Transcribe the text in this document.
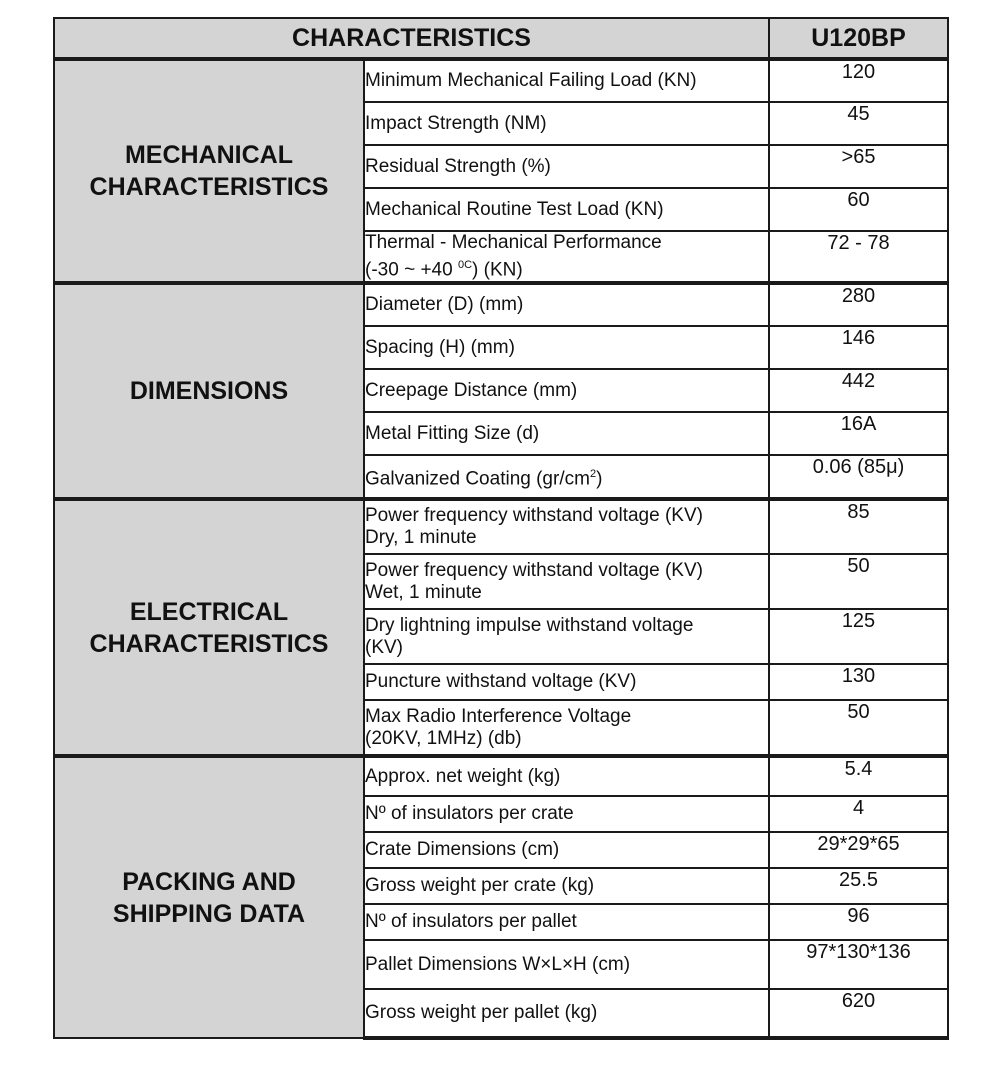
CHARACTERISTICS		U120BP

MECHANICAL
CHARACTERISTICS	Minimum Mechanical Failing Load (KN)	120
	Impact Strength (NM)	45
	Residual Strength (%)	>65
	Mechanical Routine Test Load (KN)	60
	Thermal - Mechanical Performance
(-30 ~ +40 $^{0C}$) (KN)	72 - 78

DIMENSIONS	Diameter (D) (mm)	280
	Spacing (H) (mm)	146
	Creepage Distance (mm)	442
	Metal Fitting Size (d)	16A
	Galvanized Coating $(gr/cm^2)$	0.06 (85μ)

ELECTRICAL
CHARACTERISTICS	Power frequency withstand voltage (KV)
Dry, 1 minute	85
	Power frequency withstand voltage (KV)
Wet, 1 minute	50
	Dry lightning impulse withstand voltage
(KV)	125
	Puncture withstand voltage (KV)	130
	Max Radio Interference Voltage
(20KV, 1MHz) (db)	50

PACKING AND
SHIPPING DATA	Approx. net weight (kg)	5.4
	Nº of insulators per crate	4
	Crate Dimensions (cm)	29*29*65
	Gross weight per crate (kg)	25.5
	Nº of insulators per pallet	96
	Pallet Dimensions W×L×H (cm)	97*130*136
	Gross weight per pallet (kg)	620
